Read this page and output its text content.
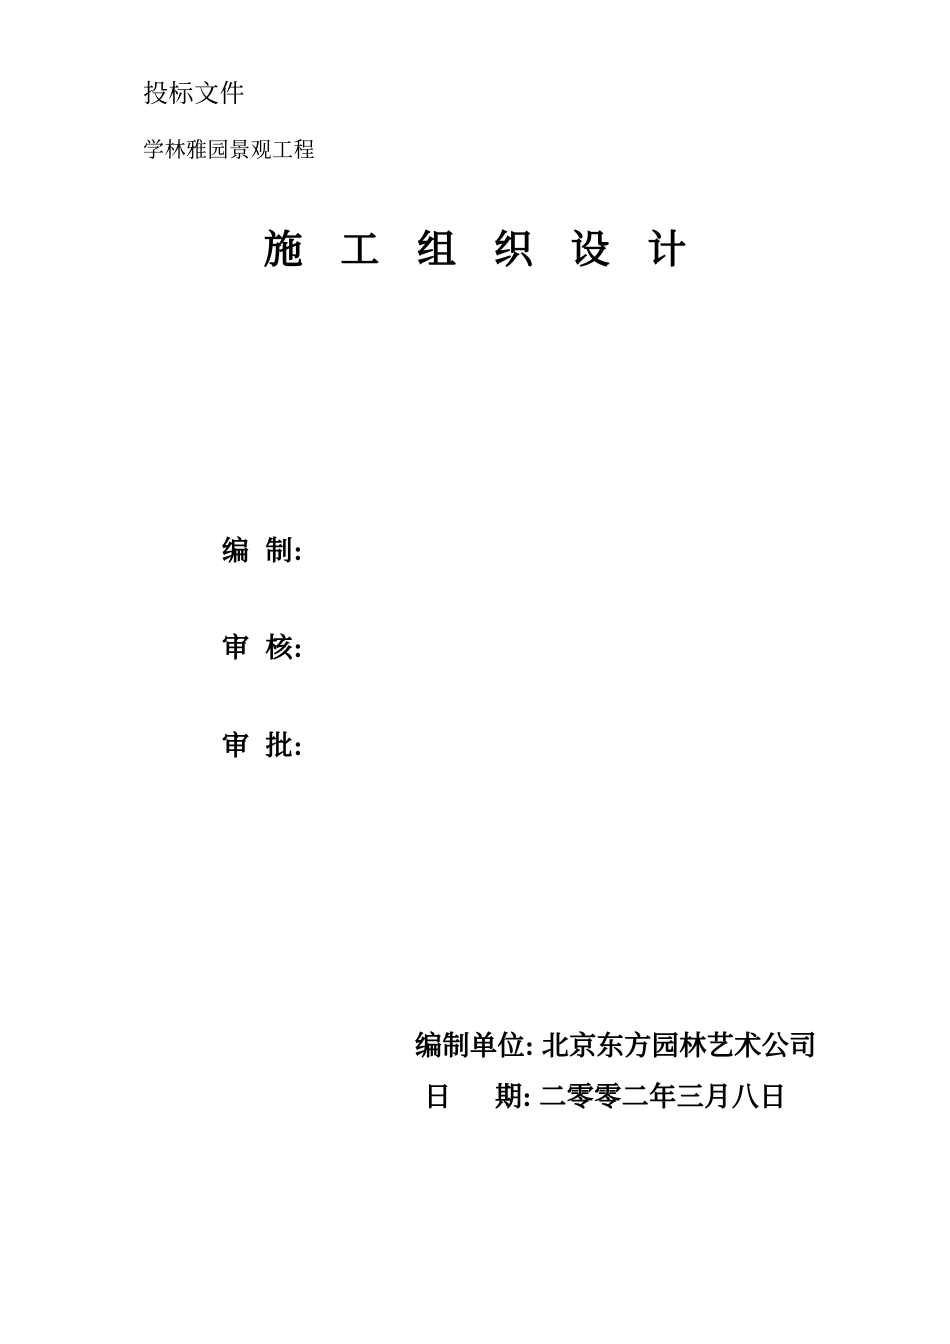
投标文件
学林雅园景观工程
施 工 组 织 设 计
编  制:
审  核:
审  批:
编制单位: 北京东方园林艺术公司
日      期: 二零零二年三月八日
